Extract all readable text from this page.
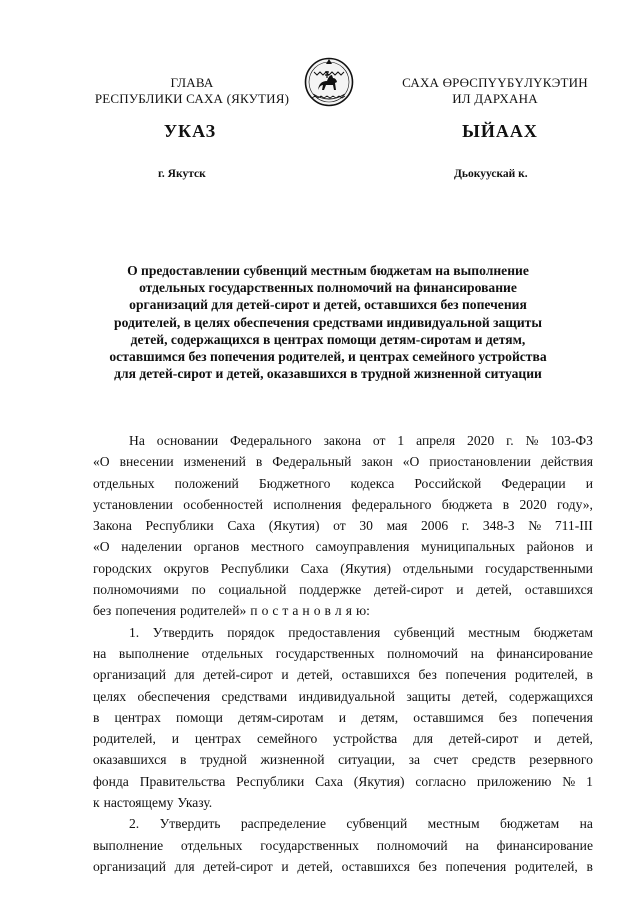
ГЛАВА
РЕСПУБЛИКИ САХА (ЯКУТИЯ)
САХА ӨРӨСПҮҮБҮЛҮКЭТИН
ИЛ ДАРХАНА
УКАЗ	ЫЙААХ
г. Якутск	Дьокуускай к.
О предоставлении субвенций местным бюджетам на выполнение
отдельных государственных полномочий на финансирование
организаций для детей-сирот и детей, оставшихся без попечения
родителей, в целях обеспечения средствами индивидуальной защиты
детей, содержащихся в центрах помощи детям-сиротам и детям,
оставшимся без попечения родителей, и центрах семейного устройства
для детей-сирот и детей, оказавшихся в трудной жизненной ситуации
На основании Федерального закона от 1 апреля 2020 г. № 103-ФЗ
«О внесении изменений в Федеральный закон «О приостановлении действия
отдельных положений Бюджетного кодекса Российской Федерации и
установлении особенностей исполнения федерального бюджета в 2020 году»,
Закона Республики Саха (Якутия) от 30 мая 2006 г. 348-З № 711-III
«О наделении органов местного самоуправления муниципальных районов и
городских округов Республики Саха (Якутия) отдельными государственными
полномочиями по социальной поддержке детей-сирот и детей, оставшихся
без попечения родителей» п о с т а н о в л я ю:
1. Утвердить порядок предоставления субвенций местным бюджетам
на выполнение отдельных государственных полномочий на финансирование
организаций для детей-сирот и детей, оставшихся без попечения родителей, в
целях обеспечения средствами индивидуальной защиты детей, содержащихся
в центрах помощи детям-сиротам и детям, оставшимся без попечения
родителей, и центрах семейного устройства для детей-сирот и детей,
оказавшихся в трудной жизненной ситуации, за счет средств резервного
фонда Правительства Республики Саха (Якутия) согласно приложению № 1
к настоящему Указу.
2. Утвердить распределение субвенций местным бюджетам на
выполнение отдельных государственных полномочий на финансирование
организаций для детей-сирот и детей, оставшихся без попечения родителей, в
